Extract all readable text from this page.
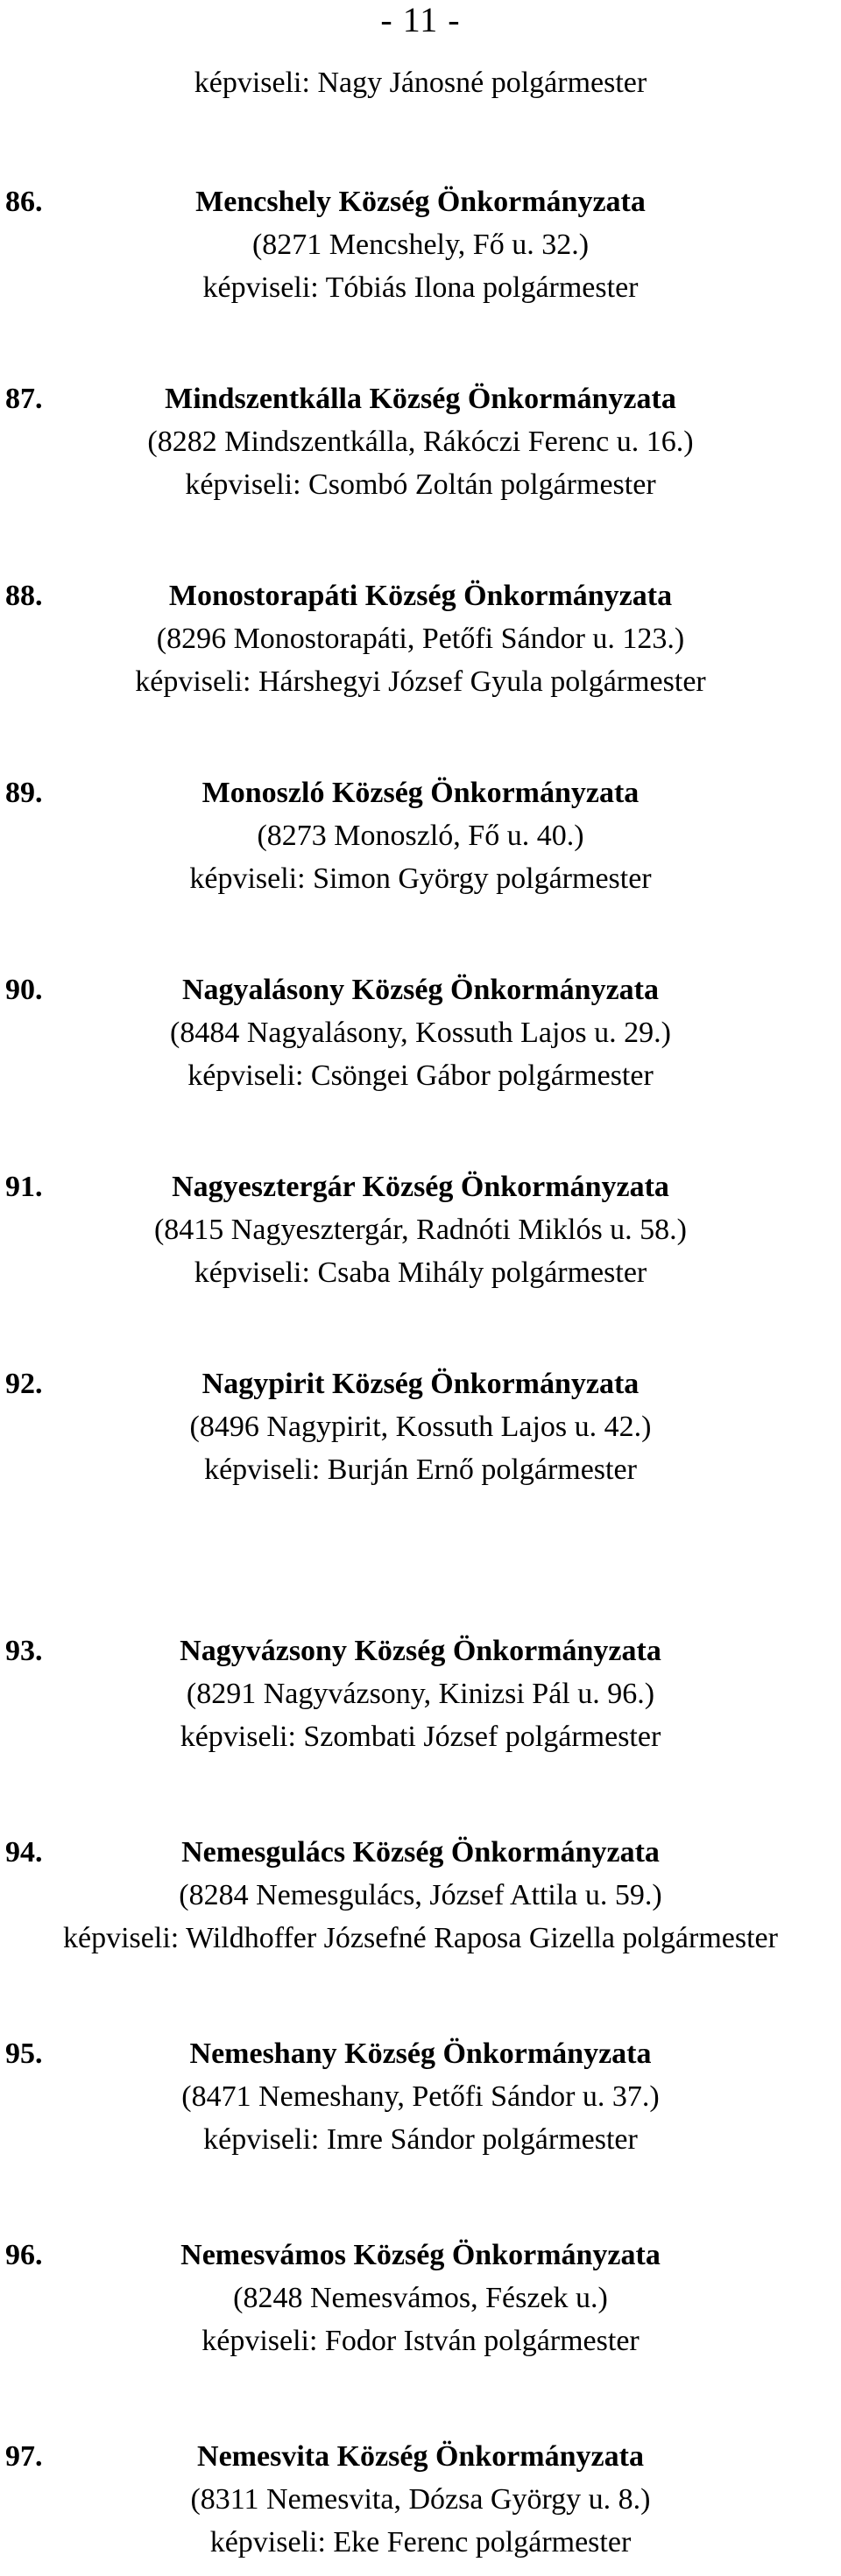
- 11 -
képviseli: Nagy Jánosné polgármester
86.	Mencshely Község Önkormányzata
(8271 Mencshely, Fő u. 32.)
képviseli: Tóbiás Ilona polgármester
87.	Mindszentkálla Község Önkormányzata
(8282 Mindszentkálla, Rákóczi Ferenc u. 16.)
képviseli: Csombó Zoltán polgármester
88.	Monostorapáti Község Önkormányzata
(8296 Monostorapáti, Petőfi Sándor u. 123.)
képviseli: Hárshegyi József Gyula polgármester
89.	Monoszló Község Önkormányzata
(8273 Monoszló, Fő u. 40.)
képviseli: Simon György polgármester
90.	Nagyalásony Község Önkormányzata
(8484 Nagyalásony, Kossuth Lajos u. 29.)
képviseli: Csöngei Gábor polgármester
91.	Nagyesztergár Község Önkormányzata
(8415 Nagyesztergár, Radnóti Miklós u. 58.)
képviseli: Csaba Mihály polgármester
92.	Nagypirit Község Önkormányzata
(8496 Nagypirit, Kossuth Lajos u. 42.)
képviseli: Burján Ernő polgármester
93.	Nagyvázsony Község Önkormányzata
(8291 Nagyvázsony, Kinizsi Pál u. 96.)
képviseli: Szombati József polgármester
94.	Nemesgulács Község Önkormányzata
(8284 Nemesgulács, József Attila u. 59.)
képviseli: Wildhoffer Józsefné Raposa Gizella polgármester
95.	Nemeshany Község Önkormányzata
(8471 Nemeshany, Petőfi Sándor u. 37.)
képviseli: Imre Sándor polgármester
96.	Nemesvámos Község Önkormányzata
(8248 Nemesvámos, Fészek u.)
képviseli: Fodor István polgármester
97.	Nemesvita Község Önkormányzata
(8311 Nemesvita, Dózsa György u. 8.)
képviseli: Eke Ferenc polgármester
